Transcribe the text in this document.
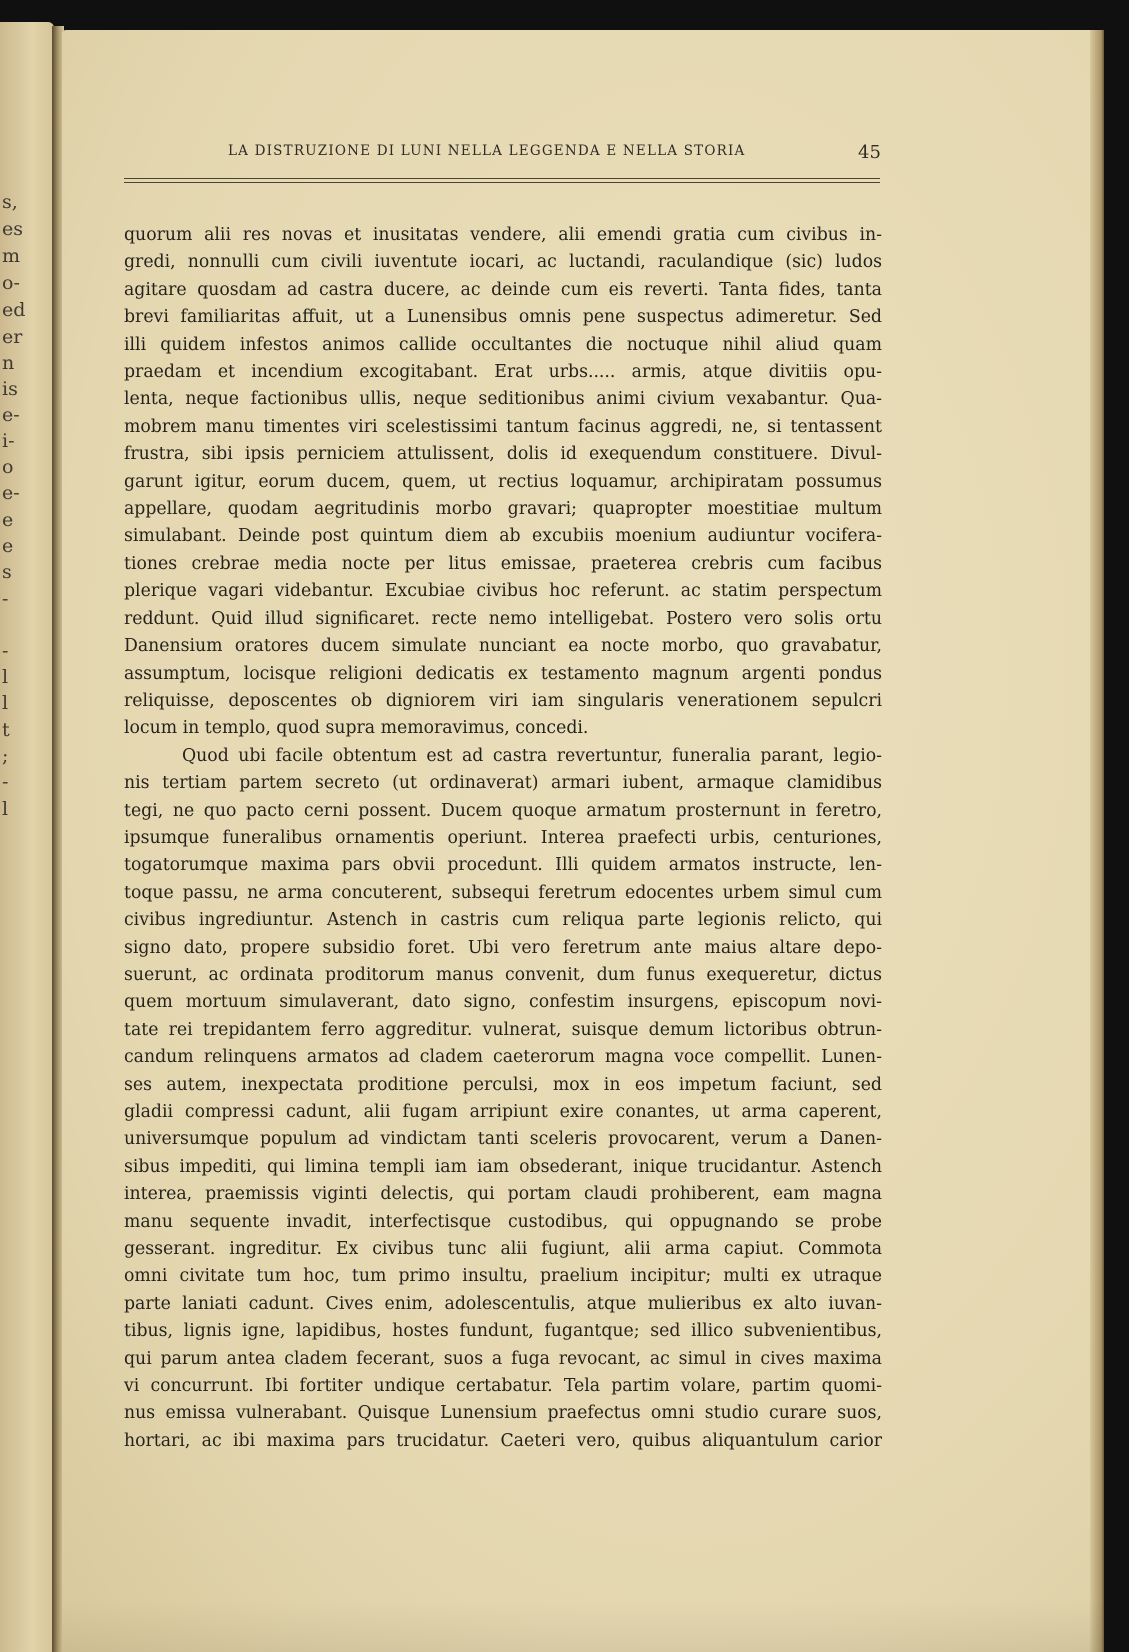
s,
es
m
o-
ed
er
n
is
e-
i-
o
e-
e
e
s
-
-
l
l
t
;
-
l
LA DISTRUZIONE DI LUNI NELLA LEGGENDA E NELLA STORIA	45
quorum alii res novas et inusitatas vendere, alii emendi gratia cum civibus in-
gredi, nonnulli cum civili iuventute iocari, ac luctandi, raculandique (sic) ludos
agitare quosdam ad castra ducere, ac deinde cum eis reverti. Tanta fides, tanta
brevi familiaritas affuit, ut a Lunensibus omnis pene suspectus adimeretur. Sed
illi quidem infestos animos callide occultantes die noctuque nihil aliud quam
praedam et incendium excogitabant. Erat urbs..... armis, atque divitiis opu-
lenta, neque factionibus ullis, neque seditionibus animi civium vexabantur. Qua-
mobrem manu timentes viri scelestissimi tantum facinus aggredi, ne, si tentassent
frustra, sibi ipsis perniciem attulissent, dolis id exequendum constituere. Divul-
garunt igitur, eorum ducem, quem, ut rectius loquamur, archipiratam possumus
appellare, quodam aegritudinis morbo gravari; quapropter moestitiae multum
simulabant. Deinde post quintum diem ab excubiis moenium audiuntur vocifera-
tiones crebrae media nocte per litus emissae, praeterea crebris cum facibus
plerique vagari videbantur. Excubiae civibus hoc referunt. ac statim perspectum
reddunt. Quid illud significaret. recte nemo intelligebat. Postero vero solis ortu
Danensium oratores ducem simulate nunciant ea nocte morbo, quo gravabatur,
assumptum, locisque religioni dedicatis ex testamento magnum argenti pondus
reliquisse, deposcentes ob digniorem viri iam singularis venerationem sepulcri
locum in templo, quod supra memoravimus, concedi.
Quod ubi facile obtentum est ad castra revertuntur, funeralia parant, legio-
nis tertiam partem secreto (ut ordinaverat) armari iubent, armaque clamidibus
tegi, ne quo pacto cerni possent. Ducem quoque armatum prosternunt in feretro,
ipsumque funeralibus ornamentis operiunt. Interea praefecti urbis, centuriones,
togatorumque maxima pars obvii procedunt. Illi quidem armatos instructe, len-
toque passu, ne arma concuterent, subsequi feretrum edocentes urbem simul cum
civibus ingrediuntur. Astench in castris cum reliqua parte legionis relicto, qui
signo dato, propere subsidio foret. Ubi vero feretrum ante maius altare depo-
suerunt, ac ordinata proditorum manus convenit, dum funus exequeretur, dictus
quem mortuum simulaverant, dato signo, confestim insurgens, episcopum novi-
tate rei trepidantem ferro aggreditur. vulnerat, suisque demum lictoribus obtrun-
candum relinquens armatos ad cladem caeterorum magna voce compellit. Lunen-
ses autem, inexpectata proditione perculsi, mox in eos impetum faciunt, sed
gladii compressi cadunt, alii fugam arripiunt exire conantes, ut arma caperent,
universumque populum ad vindictam tanti sceleris provocarent, verum a Danen-
sibus impediti, qui limina templi iam iam obsederant, inique trucidantur. Astench
interea, praemissis viginti delectis, qui portam claudi prohiberent, eam magna
manu sequente invadit, interfectisque custodibus, qui oppugnando se probe
gesserant. ingreditur. Ex civibus tunc alii fugiunt, alii arma capiut. Commota
omni civitate tum hoc, tum primo insultu, praelium incipitur; multi ex utraque
parte laniati cadunt. Cives enim, adolescentulis, atque mulieribus ex alto iuvan-
tibus, lignis igne, lapidibus, hostes fundunt, fugantque; sed illico subvenientibus,
qui parum antea cladem fecerant, suos a fuga revocant, ac simul in cives maxima
vi concurrunt. Ibi fortiter undique certabatur. Tela partim volare, partim quomi-
nus emissa vulnerabant. Quisque Lunensium praefectus omni studio curare suos,
hortari, ac ibi maxima pars trucidatur. Caeteri vero, quibus aliquantulum carior
